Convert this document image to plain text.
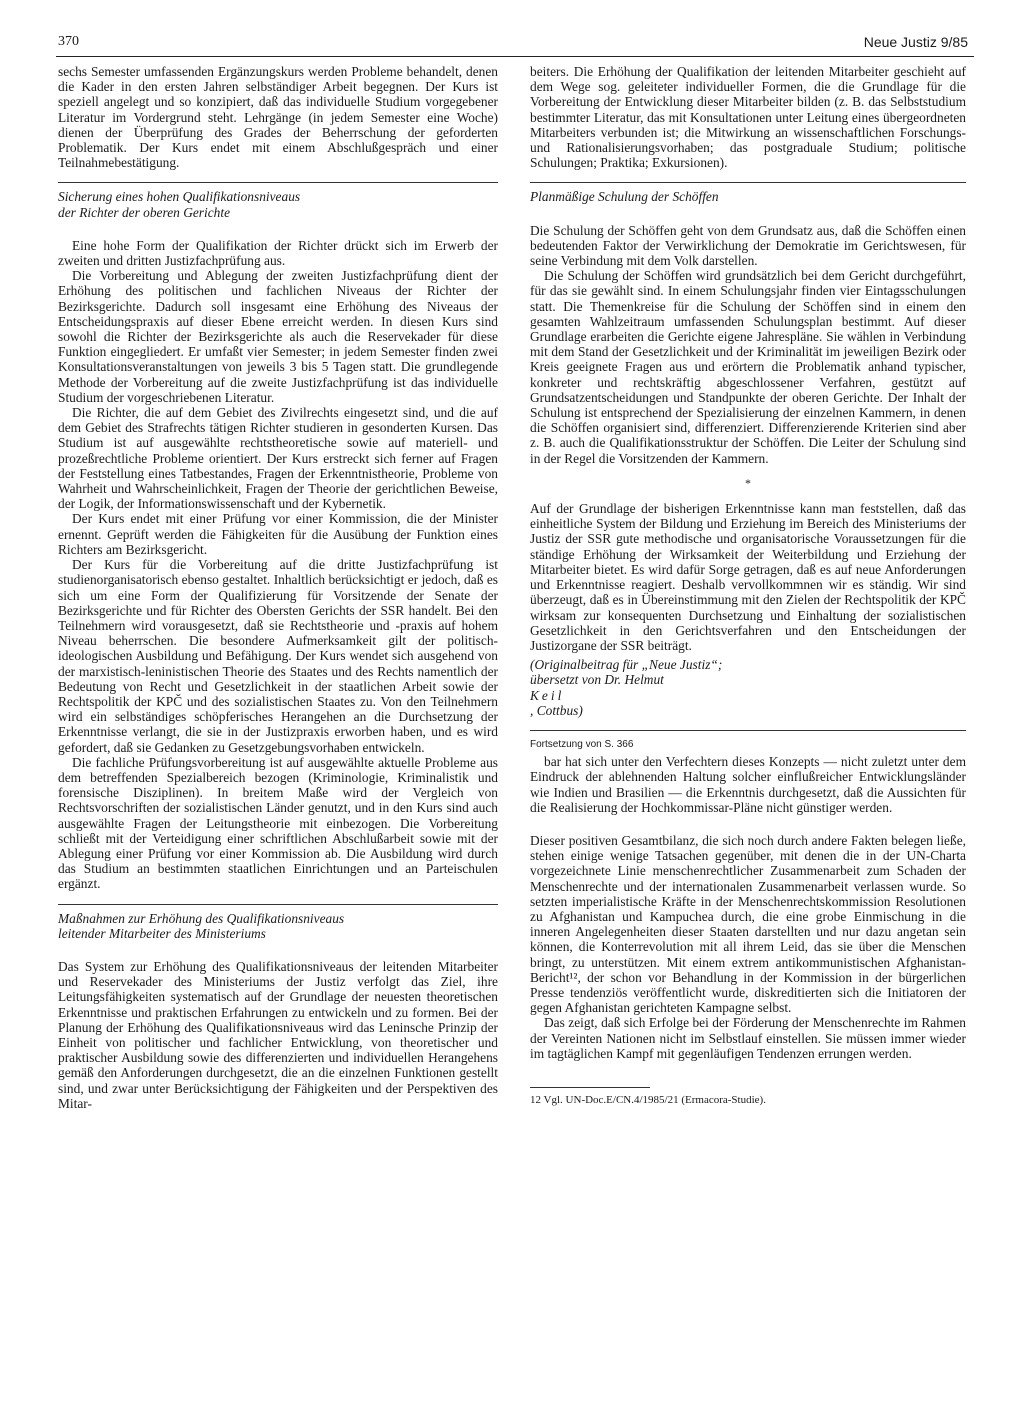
370	Neue Justiz 9/85

sechs Semester umfassenden Ergänzungskurs werden Probleme behandelt, denen die Kader in den ersten Jahren selbständiger Arbeit begegnen. Der Kurs ist speziell angelegt und so konzipiert, daß das individuelle Studium vorgegebener Literatur im Vordergrund steht. Lehrgänge (in jedem Semester eine Woche) dienen der Überprüfung des Grades der Beherrschung der geforderten Problematik. Der Kurs endet mit einem Abschlußgespräch und einer Teilnahmebestätigung.

Sicherung eines hohen Qualifikationsniveaus
der Richter der oberen Gerichte

Eine hohe Form der Qualifikation der Richter drückt sich im Erwerb der zweiten und dritten Justizfachprüfung aus.

Die Vorbereitung und Ablegung der zweiten Justizfachprüfung dient der Erhöhung des politischen und fachlichen Niveaus der Richter der Bezirksgerichte. Dadurch soll insgesamt eine Erhöhung des Niveaus der Entscheidungspraxis auf dieser Ebene erreicht werden. In diesen Kurs sind sowohl die Richter der Bezirksgerichte als auch die Reservekader für diese Funktion eingegliedert. Er umfaßt vier Semester; in jedem Semester finden zwei Konsultationsveranstaltungen von jeweils 3 bis 5 Tagen statt. Die grundlegende Methode der Vorbereitung auf die zweite Justizfachprüfung ist das individuelle Studium der vorgeschriebenen Literatur.

Die Richter, die auf dem Gebiet des Zivilrechts eingesetzt sind, und die auf dem Gebiet des Strafrechts tätigen Richter studieren in gesonderten Kursen. Das Studium ist auf ausgewählte rechtstheoretische sowie auf materiell- und prozeßrechtliche Probleme orientiert. Der Kurs erstreckt sich ferner auf Fragen der Feststellung eines Tatbestandes, Fragen der Erkenntnistheorie, Probleme von Wahrheit und Wahrscheinlichkeit, Fragen der Theorie der gerichtlichen Beweise, der Logik, der Informationswissenschaft und der Kybernetik.

Der Kurs endet mit einer Prüfung vor einer Kommission, die der Minister ernennt. Geprüft werden die Fähigkeiten für die Ausübung der Funktion eines Richters am Bezirksgericht.

Der Kurs für die Vorbereitung auf die dritte Justizfachprüfung ist studienorganisatorisch ebenso gestaltet. Inhaltlich berücksichtigt er jedoch, daß es sich um eine Form der Qualifizierung für Vorsitzende der Senate der Bezirksgerichte und für Richter des Obersten Gerichts der SSR handelt. Bei den Teilnehmern wird vorausgesetzt, daß sie Rechtstheorie und -praxis auf hohem Niveau beherrschen. Die besondere Aufmerksamkeit gilt der politisch-ideologischen Ausbildung und Befähigung. Der Kurs wendet sich ausgehend von der marxistisch-leninistischen Theorie des Staates und des Rechts namentlich der Bedeutung von Recht und Gesetzlichkeit in der staatlichen Arbeit sowie der Rechtspolitik der KPČ und des sozialistischen Staates zu. Von den Teilnehmern wird ein selbständiges schöpferisches Herangehen an die Durchsetzung der Erkenntnisse verlangt, die sie in der Justizpraxis erworben haben, und es wird gefordert, daß sie Gedanken zu Gesetzgebungsvorhaben entwickeln.

Die fachliche Prüfungsvorbereitung ist auf ausgewählte aktuelle Probleme aus dem betreffenden Spezialbereich bezogen (Kriminologie, Kriminalistik und forensische Disziplinen). In breitem Maße wird der Vergleich von Rechtsvorschriften der sozialistischen Länder genutzt, und in den Kurs sind auch ausgewählte Fragen der Leitungstheorie mit einbezogen. Die Vorbereitung schließt mit der Verteidigung einer schriftlichen Abschlußarbeit sowie mit der Ablegung einer Prüfung vor einer Kommission ab. Die Ausbildung wird durch das Studium an bestimmten staatlichen Einrichtungen und an Parteischulen ergänzt.

Maßnahmen zur Erhöhung des Qualifikationsniveaus
leitender Mitarbeiter des Ministeriums

Das System zur Erhöhung des Qualifikationsniveaus der leitenden Mitarbeiter und Reservekader des Ministeriums der Justiz verfolgt das Ziel, ihre Leitungsfähigkeiten systematisch auf der Grundlage der neuesten theoretischen Erkenntnisse und praktischen Erfahrungen zu entwickeln und zu formen. Bei der Planung der Erhöhung des Qualifikationsniveaus wird das Leninsche Prinzip der Einheit von politischer und fachlicher Entwicklung, von theoretischer und praktischer Ausbildung sowie des differenzierten und individuellen Herangehens gemäß den Anforderungen durchgesetzt, die an die einzelnen Funktionen gestellt sind, und zwar unter Berücksichtigung der Fähigkeiten und der Perspektiven des Mitar-

beiters. Die Erhöhung der Qualifikation der leitenden Mitarbeiter geschieht auf dem Wege sog. geleiteter individueller Formen, die die Grundlage für die Vorbereitung der Entwicklung dieser Mitarbeiter bilden (z. B. das Selbststudium bestimmter Literatur, das mit Konsultationen unter Leitung eines übergeordneten Mitarbeiters verbunden ist; die Mitwirkung an wissenschaftlichen Forschungs- und Rationalisierungsvorhaben; das postgraduale Studium; politische Schulungen; Praktika; Exkursionen).

Planmäßige Schulung der Schöffen

Die Schulung der Schöffen geht von dem Grundsatz aus, daß die Schöffen einen bedeutenden Faktor der Verwirklichung der Demokratie im Gerichtswesen, für seine Verbindung mit dem Volk darstellen.

Die Schulung der Schöffen wird grundsätzlich bei dem Gericht durchgeführt, für das sie gewählt sind. In einem Schulungsjahr finden vier Eintagsschulungen statt. Die Themenkreise für die Schulung der Schöffen sind in einem den gesamten Wahlzeitraum umfassenden Schulungsplan bestimmt. Auf dieser Grundlage erarbeiten die Gerichte eigene Jahrespläne. Sie wählen in Verbindung mit dem Stand der Gesetzlichkeit und der Kriminalität im jeweiligen Bezirk oder Kreis geeignete Fragen aus und erörtern die Problematik anhand typischer, konkreter und rechtskräftig abgeschlossener Verfahren, gestützt auf Grundsatzentscheidungen und Standpunkte der oberen Gerichte. Der Inhalt der Schulung ist entsprechend der Spezialisierung der einzelnen Kammern, in denen die Schöffen organisiert sind, differenziert. Differenzierende Kriterien sind aber z. B. auch die Qualifikationsstruktur der Schöffen. Die Leiter der Schulung sind in der Regel die Vorsitzenden der Kammern.

*

Auf der Grundlage der bisherigen Erkenntnisse kann man feststellen, daß das einheitliche System der Bildung und Erziehung im Bereich des Ministeriums der Justiz der SSR gute methodische und organisatorische Voraussetzungen für die ständige Erhöhung der Wirksamkeit der Weiterbildung und Erziehung der Mitarbeiter bietet. Es wird dafür Sorge getragen, daß es auf neue Anforderungen und Erkenntnisse reagiert. Deshalb vervollkommnen wir es ständig. Wir sind überzeugt, daß es in Übereinstimmung mit den Zielen der Rechtspolitik der KPČ wirksam zur konsequenten Durchsetzung und Einhaltung der sozialistischen Gesetzlichkeit in den Gerichtsverfahren und den Entscheidungen der Justizorgane der SSR beiträgt.

(Originalbeitrag für „Neue Justiz“;
übersetzt von Dr. Helmut
Keil
, Cottbus)
Fortsetzung von S. 366

bar hat sich unter den Verfechtern dieses Konzepts — nicht zuletzt unter dem Eindruck der ablehnenden Haltung solcher einflußreicher Entwicklungsländer wie Indien und Brasilien — die Erkenntnis durchgesetzt, daß die Aussichten für die Realisierung der Hochkommissar-Pläne nicht günstiger werden.

Dieser positiven Gesamtbilanz, die sich noch durch andere Fakten belegen ließe, stehen einige wenige Tatsachen gegenüber, mit denen die in der UN-Charta vorgezeichnete Linie menschenrechtlicher Zusammenarbeit zum Schaden der Menschenrechte und der internationalen Zusammenarbeit verlassen wurde. So setzten imperialistische Kräfte in der Menschenrechtskommission Resolutionen zu Afghanistan und Kampuchea durch, die eine grobe Einmischung in die inneren Angelegenheiten dieser Staaten darstellten und nur dazu angetan sein können, die Konterrevolution mit all ihrem Leid, das sie über die Menschen bringt, zu unterstützen. Mit einem extrem antikommunistischen Afghanistan-Bericht¹², der schon vor Behandlung in der Kommission in der bürgerlichen Presse tendenziös veröffentlicht wurde, diskreditierten sich die Initiatoren der gegen Afghanistan gerichteten Kampagne selbst.

Das zeigt, daß sich Erfolge bei der Förderung der Menschenrechte im Rahmen der Vereinten Nationen nicht im Selbstlauf einstellen. Sie müssen immer wieder im tagtäglichen Kampf mit gegenläufigen Tendenzen errungen werden.

12 Vgl. UN-Doc.E/CN.4/1985/21 (Ermacora-Studie).
